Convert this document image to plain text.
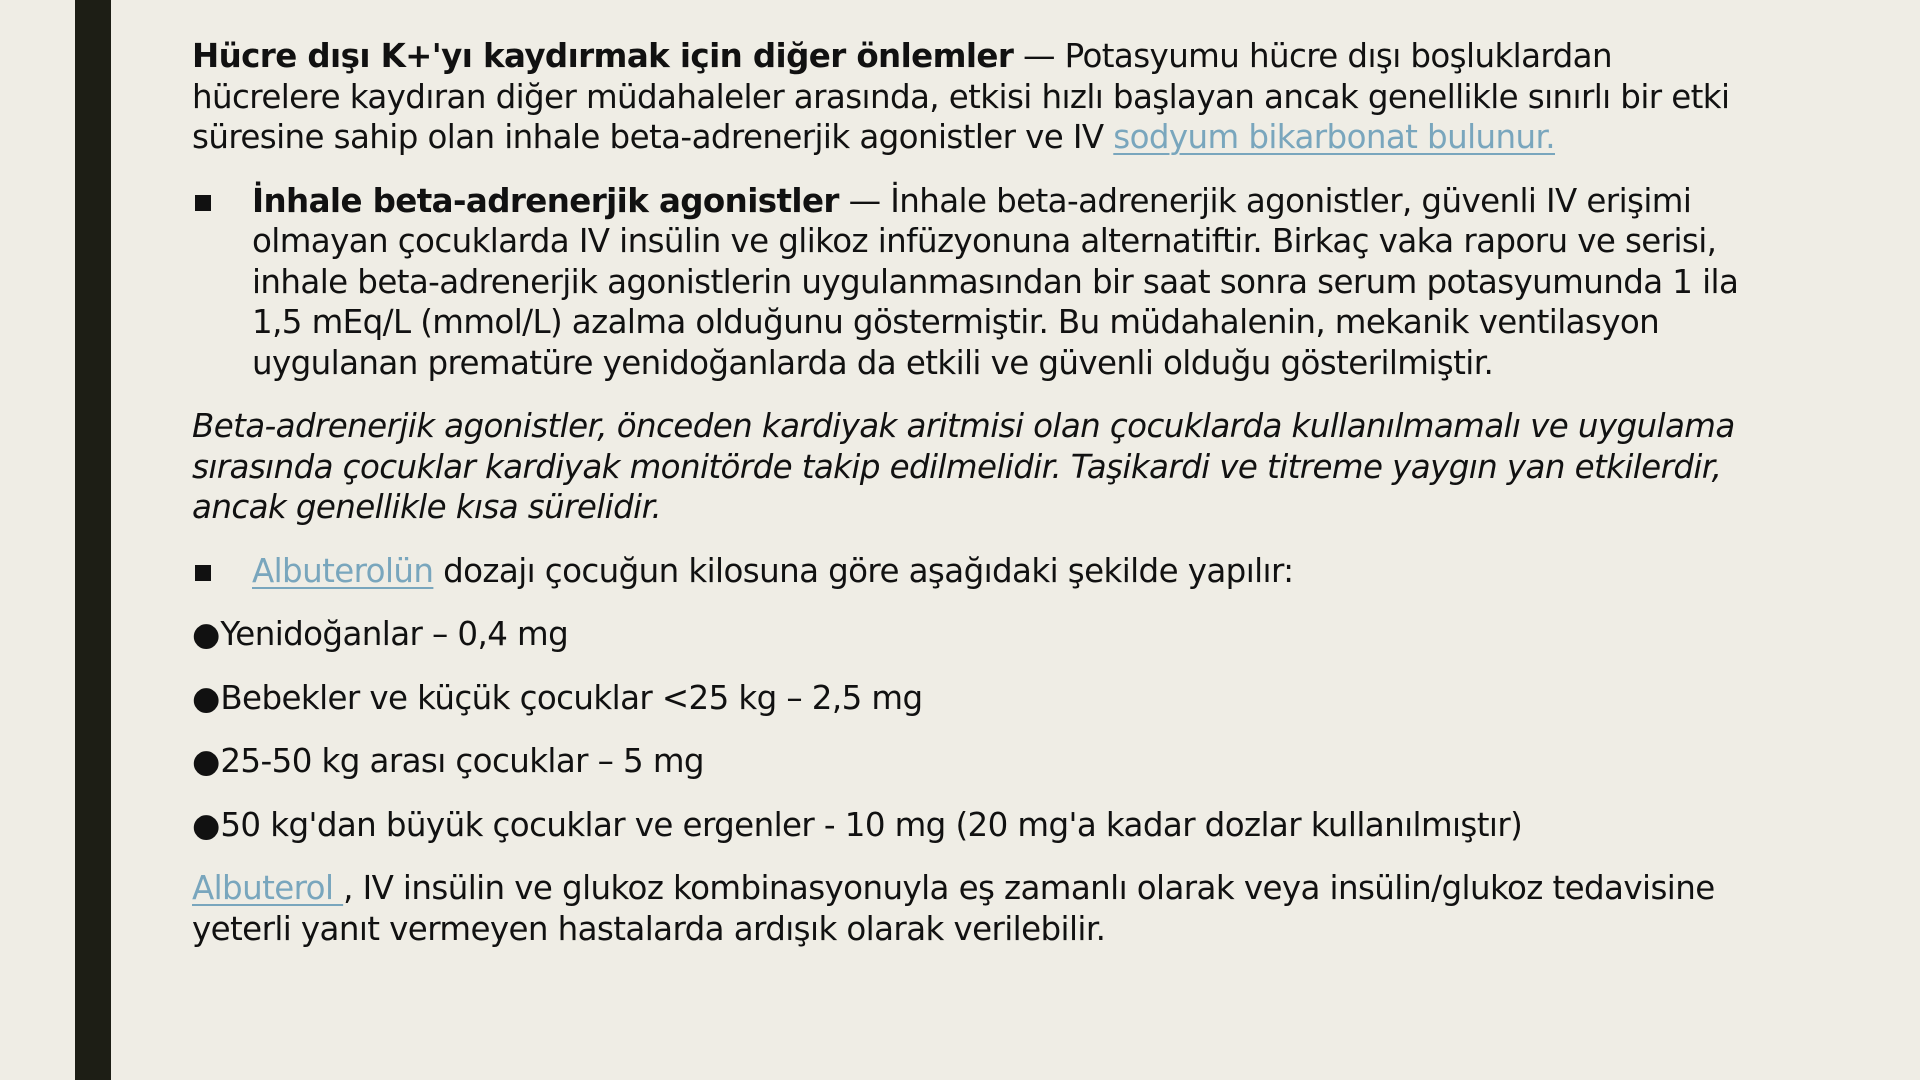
Hücre dışı K+'yı kaydırmak için diğer önlemler — Potasyumu hücre dışı boşluklardan hücrelere kaydıran diğer müdahaleler arasında, etkisi hızlı başlayan ancak genellikle sınırlı bir etki süresine sahip olan inhale beta-adrenerjik agonistler ve IV sodyum bikarbonat bulunur.

İnhale beta-adrenerjik agonistler — İnhale beta-adrenerjik agonistler, güvenli IV erişimi olmayan çocuklarda IV insülin ve glikoz infüzyonuna alternatiftir. Birkaç vaka raporu ve serisi, inhale beta-adrenerjik agonistlerin uygulanmasından bir saat sonra serum potasyumunda 1 ila 1,5 mEq/L (mmol/L) azalma olduğunu göstermiştir. Bu müdahalenin, mekanik ventilasyon uygulanan prematüre yenidoğanlarda da etkili ve güvenli olduğu gösterilmiştir.

Beta-adrenerjik agonistler, önceden kardiyak aritmisi olan çocuklarda kullanılmamalı ve uygulama sırasında çocuklar kardiyak monitörde takip edilmelidir. Taşikardi ve titreme yaygın yan etkilerdir, ancak genellikle kısa sürelidir.

Albuterolün dozajı çocuğun kilosuna göre aşağıdaki şekilde yapılır:
●Yenidoğanlar – 0,4 mg
●Bebekler ve küçük çocuklar <25 kg – 2,5 mg
●25-50 kg arası çocuklar – 5 mg
●50 kg'dan büyük çocuklar ve ergenler - 10 mg (20 mg'a kadar dozlar kullanılmıştır)

Albuterol , IV insülin ve glukoz kombinasyonuyla eş zamanlı olarak veya insülin/glukoz tedavisine yeterli yanıt vermeyen hastalarda ardışık olarak verilebilir.
